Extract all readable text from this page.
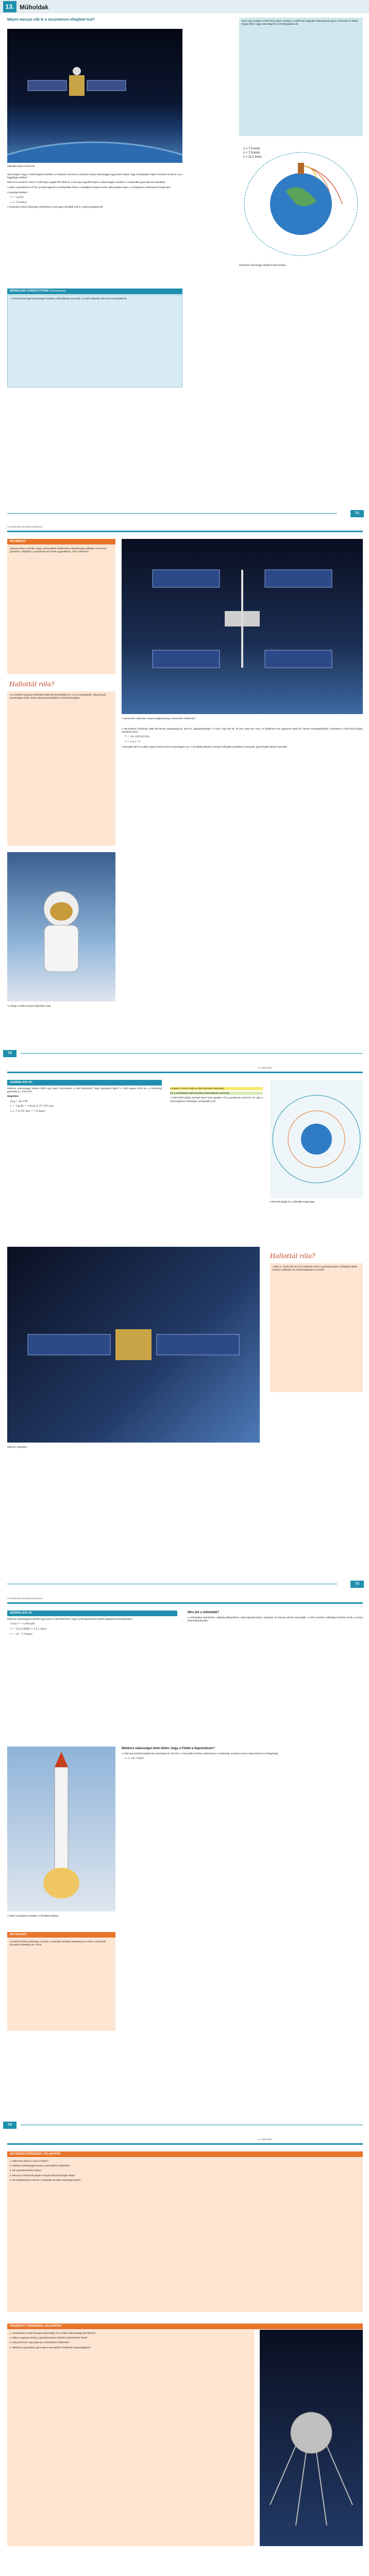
13. Műholdak
Milyen messze vők le a visszintesen elhajított test?
Műholdas képek a felszínről

Mivel tudjuk, hogy a Föld hengeres felületen a szabadon eső test a vízszintes irányú sebességgel egyenesen halad, hogy a feladatban milyen messzire esnek el, ha a függőleges síkban?

Miért nem esnek le? Mivel a Föld forgó nyugati felé halad el, a test egy nagyobb helyen a sebességgel, amelyet a centripetális gyorsulás tart körpályán.

A testre a gravitációs erő hat, amelyik egyenlő a centripetális erővel. A körpályán mozgó test kör alakú pályán végez, a mozgását a nehézségi erő tartja fent.

A körpálya feltétele:

v = √(g·R)
v ≈ 7,9 km/s

A vízszintes irányú sebesség növelésével a test egyre távolabb esik le, végül körpályára áll.

MŰHOLDAK KÖRÜLÖTTÜNK (Olvasmány)

A Föld körül keringő mesterséges holdakat műholdaknak nevezzük. Az első műholdat 1957-ben bocsátották fel.

Ezen rajz mutatja a Föld körüli pálya, amelyen a kilőtt test nagyobb sebességnél egyre messzebb ér földet. Elegendően nagy sebességnél a test körpályára áll.

v = 7,9 km/s
v < 7,9 km/s
v > 11,2 km/s
Különböző sebességgel elhajított testek pályája
71
A közlekedés dinamikai problémái
NE HIBÁZZ!

Gyakran felvet a kérdés, hogy a Nemzetközi Űrállomáson súlytalanság uralkodik, mert nincs gravitáció. Valójában a gravitációs erő szinte ugyanakkora, mint a felszínen.

Hallottál róla?

Az amerikai Vanguard műholdat 1958-ban bocsátották fel, ez ma a legrégebbi, még keringő mesterséges hold. Szinte naponta követhetjük a Föld körüli pályán.

Az űrhajó a Földhöz képest félig kifelé mutat
A Nemzetközi Űrállomás. Hányan lakják jelenleg a Nemzetközi Űrállomást?

A Nemzetközi Űrállomás 1998 óta kering. Magassága kb. 400 km, pályasebessége 7,7 km/s. Egy kört kb. 92 perc alatt tesz meg. Az űrállomás nem egyszerre épült fel, hanem részegységekből, amelyeket a Föld körüli pályán szereltek össze.

T = 2π·√(R³/(G·M))
v = 2·π·r / T

A keringési idő és a pálya sugara között szoros összefüggés van. A távolabbi pályákon keringő műholdak lassabban mozognak, így keringési idejük hosszabb.

72
13. Műholdak
SZÁMOLJUK KI!

Mekkora sebességgel kellene kilőni egy testet vízszintesen a Föld felszínéről, hogy körpályára álljon? A Föld sugara 6370 km, a nehézségi gyorsulás g = 9,81 m/s².

Megoldás:

m·g = m·v²/R
v = √(g·R) = √(9,81·6,37·10⁶) m/s
v ≈ 7,9·10³ m/s = 7,9 km/s

A kapott 7,9 km/s érték az első kozmikus sebesség.

Ezt a sebességet első kozmikus sebességnek nevezzük.

A Föld körüli pályán keringő testre ható egyetlen erő a gravitációs vonzóerő. Ez adja a körmozgáshoz szükséges centripetális erőt.

Föld körüli pályák és a műholdak magassága
Műhold a világűrben
Hallottál róla?

Arthur C. Clarke brit sci-fi író 1945-ben írta le a geostacionárius műholdak ötletét. Ezeket a pályákat ma Clarke-pályának is nevezik.

73
A közlekedés dinamikai problémái
SZÁMOLJUK KI!

Mekkora sebességgel kell kilőni egy testet a Föld felszínéről, hogy a Föld gravitációs teréből véglegesen kiszabaduljon?

½·m·v² = G·M·m/R
v = √(2·G·M/R) ≈ 11,2 km/s
v = √2 · 7,9 km/s
Mire jók a műholdak?

A műholdakat távközlésre, időjárás-előrejelzésre, helymeghatározásra, kutatásra és katonai célokra használják. A GPS rendszer műholdjai lehetővé teszik a pontos helymeghatározást.

A rakéta segítségével juttatják a műholdakat pályára
NE FELEDD!

Az első kozmikus sebesség 7,9 km/s, a második kozmikus sebesség 11,2 km/s, a harmadik kozmikus sebesség 16,7 km/s.

Mekkora sebességet lehet kiütni, hogy a Földet a Naprendszer?

A Föld Nap körüli keringésének sebessége kb. 30 km/s. A harmadik kozmikus sebesség az a sebesség, amellyel a test a Naprendszert is elhagyhatja.

v₃ ≈ 16,7 km/s
74
13. Műholdak
EGYSZERŰ KÉRDÉSEK, FELADATOK
1. Miért nem esik le a Hold a Földre?
2. Mekkora sebességgel kering a Nemzetközi Űrállomás?
3. Mi a geostacionárius pálya?
4. Mennyi a Föld körüli pályán keringő műhold keringési ideje?
5. Mi a különbség az első és a második kozmikus sebesség között?
ÖSSZETETT KÉRDÉSEK, FELADATOK
1. Számítsd ki a Hold keringési sebességét, ha a Föld–Hold távolság 384 000 km!
2. Milyen magasan kering a geostacionárius műhold a Föld felszíne felett?
3. Hány kört tesz meg naponta a Nemzetközi Űrállomás?
4. Mekkora a gravitációs gyorsulás a Nemzetközi Űrállomás magasságában?
